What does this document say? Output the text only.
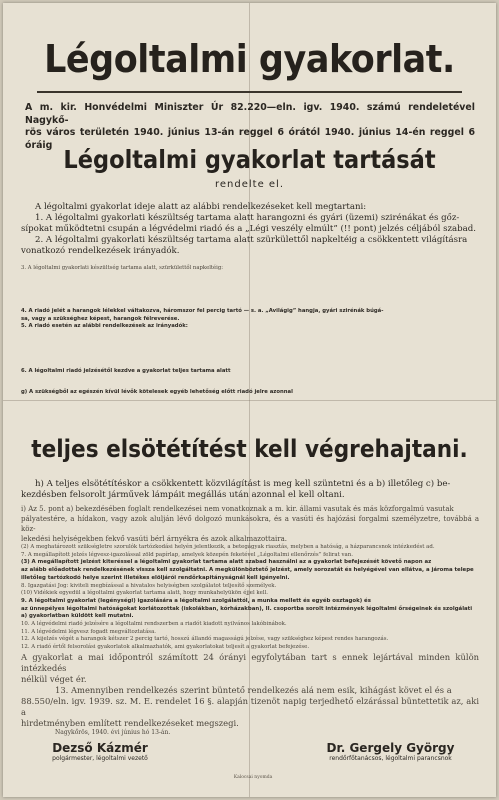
Légoltalmi gyakorlat.
A m. kir. Honvédelmi Miniszter Úr 82.220—eln. igv. 1940. számú rendeletével Nagykő-
rös város területén 1940. június 13-án reggel 6 órától 1940. június 14-én reggel 6 óráig Légoltalmi gyakorlat tartását
rendelte el.
A légoltalmi gyakorlat ideje alatt az alábbi rendelkezéseket kell megtartani:
1. A légoltalmi gyakorlati készültség tartama alatt harangozni és gyári (üzemi) szirénákat és gőz-
sípokat működtetni csupán a légvédelmi riadó és a „Légi veszély elmúlt” (!! pont) jelzés céljából szabad.
2. A légoltalmi gyakorlati készültség tartama alatt szürkülettől napkeltéig a csökkentett világításra
vonatkozó rendelkezések irányadók.
3. A légoltalmi gyakorlati készültség tartama alatt, szürkülettől napkeltéig:
4. A riadó jelét a harangok lélekkel váltakozva, háromszor fel percig tartó — s. a. „Avilágig” hangja, gyári szirénák búgá-
sa, vagy a szükséghez képest, harangok félreverése.
5. A riadó esetén az alábbi rendelkezések az irányadók:
6. A légoltalmi riadó jelzésétől kezdve a gyakorlat teljes tartama alatt
g) A szükségből az egészén kívül lévők kötelesek egyéb lehetőség előtt riadó jelre azonnal
teljes elsötétítést kell végrehajtani.
h) A teljes elsötétítéskor a csökkentett közvilágítást is meg kell szüntetni és a b) illetőleg c) be-
kezdésben felsorolt járművek lámpáit megállás után azonnal el kell oltani.
i) Az 5. pont a) bekezdésében foglalt rendelkezései nem vonatkoznak a m. kir. állami vasutak és más közforgalmú vasutak
pályatestére, a hídakon, vagy azok alulján lévő dolgozó munkásokra, és a vasúti és hajózási forgalmi személyzetre, továbbá a köz-
lekedési helyiségekben fekvő vasúti bérl árnyékra és azok alkalmazottaira.
(2) A meghatározott szükségletre szorulók tartózkodási helyén jelentkezik, a betegágyak riasztás, melyben a hatóság, a házparancsnok intézkedést ad.
7. A megállapított jelzés légvesz-igazolással zöld papírlap, amelyek közepén feketével „Légoltalmi ellenőrzés” felirat van.
(3) A megállapított jelzést kiteréssel a légoltalmi gyakorlat tartama alatt szabad használni az a gyakorlat befejezését követő napon az
az alább előadottak rendelkezésének vissza kell szolgáltatni. A megkülönböztető jelzést, amely sorozatát és helyégével van ellátva, a jároma telepe
illetőleg tartózkodó helye szerint illetékes elöljárói rendőrkapitányságnál kell igényelni.
8. Igazgatási Jog: kiviteli megbízással a hivatalos helyiségben szolgálatot teljesítő személyek.
(10) Vidékiek egyedül a légoltalmi gyakorlat tartama alatt, hogy munkahelyükön éjjel kell.
9. A légoltalmi gyakorlat (legénységi) igazolására a légoltalmi szolgálattól, a munka mellett és egyéb osztagok) és
az ünnepélyes légoltalmi hatóságokat korlátozottak (iskolákban, kórházakban), II. csoportba sorolt intézmények légoltalmi őrségeinek és szolgálati
a) gyakorlatban küldött kell mutatni.
10. A légvédelmi riadó jelzésére a légoltalmi rendszerben a riadót kiadott nyilvános lakóbinábok.
11. A légvédelmi légvesz fogadt megváltoztatása.
12. A kijelzés végét a harangok kétszer 2 percig tartó, hosszú állandó magasságú jelzése, vagy szükséghez képest rendes harangozás.
12. A riadó értől felsorolási gyakorlatok alkalmazhatók, ami gyakorlatokat teljesít a gyakorlat befejezése.
A gyakorlat a mai időpontról számított 24 órányi egyfolytában tart s ennek lejártával minden külön intézkedés
nélkül véget ér.
13. Amennyiben rendelkezés szerint büntető rendelkezés alá nem esik, kihágást követ el és a
88.550/eln. igv. 1939. sz. M. E. rendelet 16 §. alapján tizenöt napig terjedhető elzárással büntettetik az, aki a
hirdetményben említett rendelkezéseket megszegi.
Nagykőrös, 1940. évi június hó 13-án.
Dezső Kázmér
polgármester, légoltalmi vezető
Dr. Gergely György
rendőrfőtanácsos, légoltalmi parancsnok
Kalocsai nyomda
